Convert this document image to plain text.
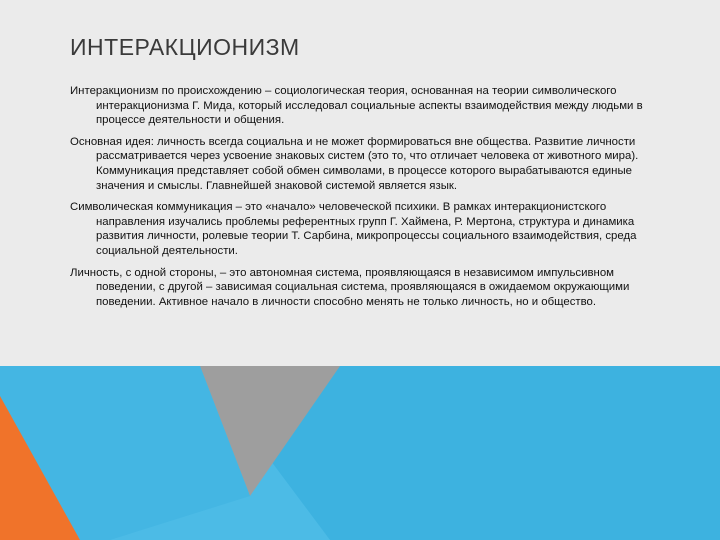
ИНТЕРАКЦИОНИЗМ

Интеракционизм по происхождению – социологическая теория, основанная на теории символического интеракционизма Г. Мида, который исследовал социальные аспекты взаимодействия между людьми в процессе деятельности и общения.

Основная идея: личность всегда социальна и не может формироваться вне общества. Развитие личности рассматривается через усвоение знаковых систем (это то, что отличает человека от животного мира). Коммуникация представляет собой обмен символами, в процессе которого вырабатываются единые значения и смыслы. Главнейшей знаковой системой является язык.

Символическая коммуникация – это «начало» человеческой психики. В рамках интеракционистского направления изучались проблемы референтных групп Г. Хаймена, Р. Мертона, структура и динамика развития личности, ролевые теории Т. Сарбина, микропроцессы социального взаимодействия, среда социальной деятельности.

Личность, с одной стороны, – это автономная система, проявляющаяся в независимом импульсивном поведении, с другой – зависимая социальная система, проявляющаяся в ожидаемом окружающими поведении. Активное начало в личности способно менять не только личность, но и общество.
